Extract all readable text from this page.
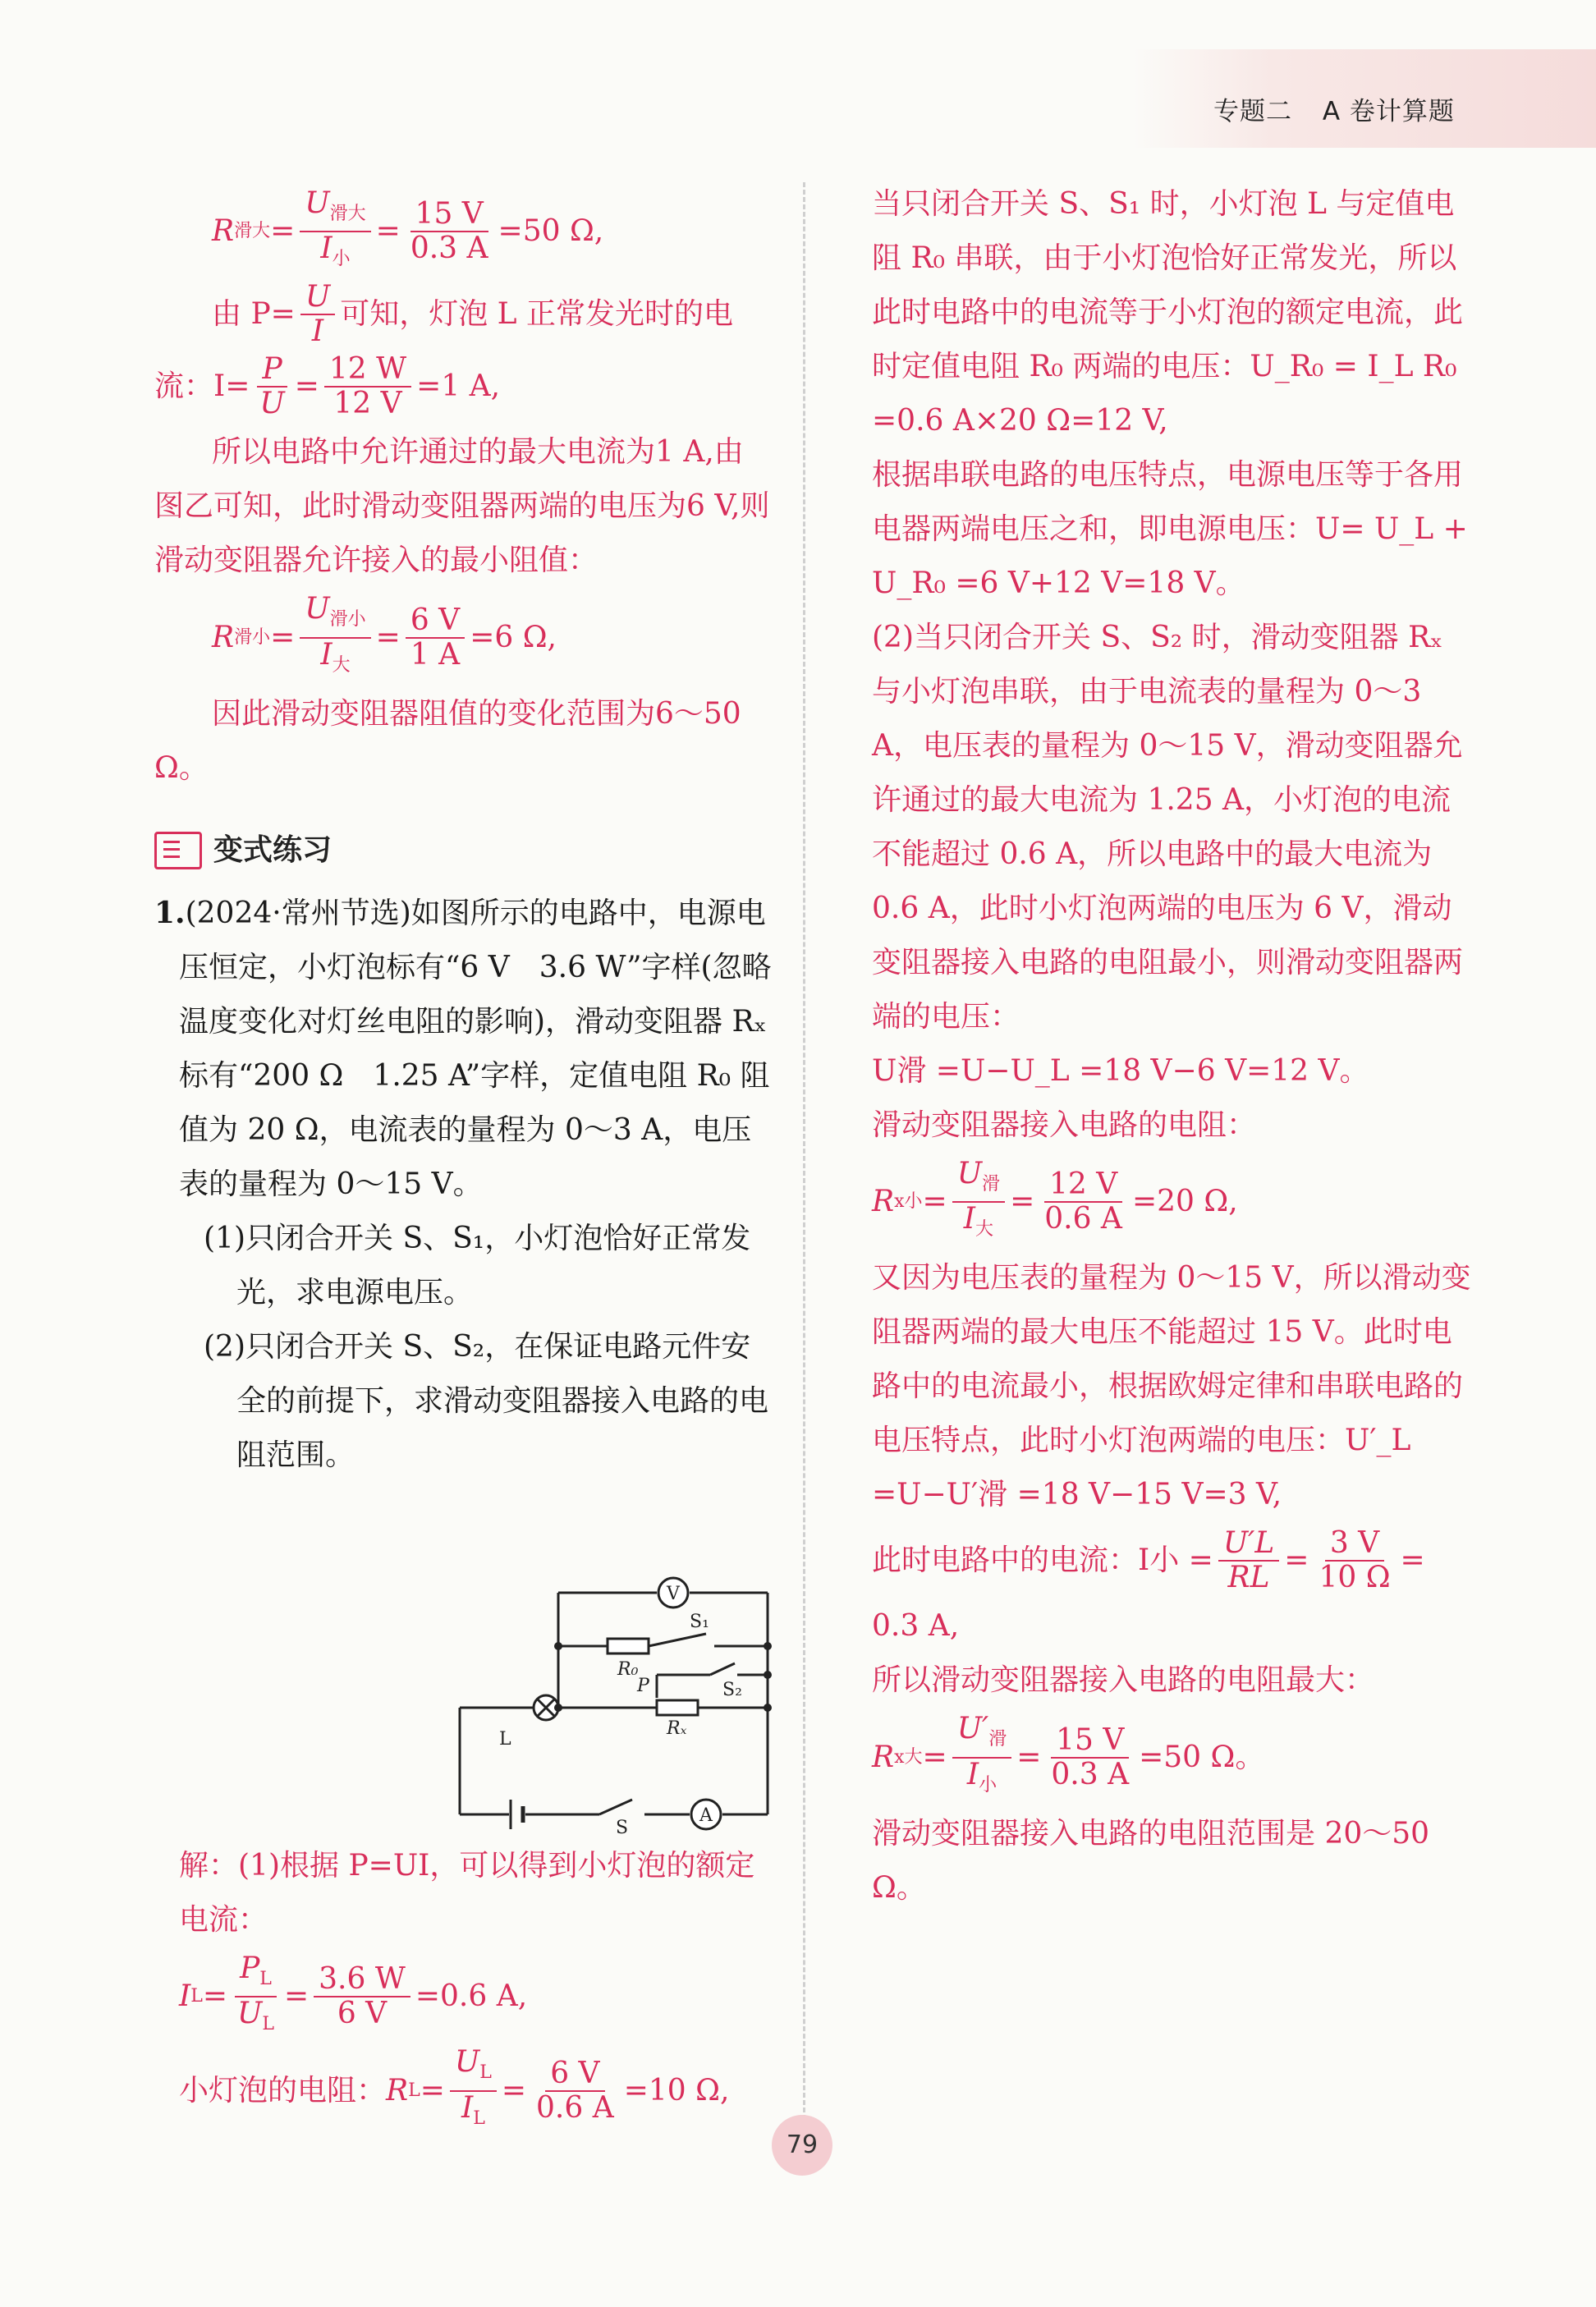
专题二 A 卷计算题
R 滑大 = $\frac{U_{滑大}}{I_小} = \frac{15 V}{0.3 A} =50$ Ω,
由 $P= \frac{U}{I}$ 可知，灯泡 L 正常发光时的电
流：$I= \frac{P}{U} = \frac{12 W}{12 V} =1$ A,

所以电路中允许通过的最大电流为1 A,由图乙可知，此时滑动变阻器两端的电压为6 V,则滑动变阻器允许接入的最小阻值：

R 滑小 = $\frac{U_{滑小}}{I_大} = \frac{6 V}{1 A} =6$ Ω,

因此滑动变阻器阻值的变化范围为6～50 Ω。

变式练习

1.(2024·常州节选)如图所示的电路中，电源电压恒定，小灯泡标有“6 V　3.6 W”字样(忽略温度变化对灯丝电阻的影响)，滑动变阻器 Rₓ 标有“200 Ω　1.25 A”字样，定值电阻 R₀ 阻值为 20 Ω，电流表的量程为 0～3 A，电压表的量程为 0～15 V。

(1)只闭合开关 S、S₁，小灯泡恰好正常发光，求电源电压。

(2)只闭合开关 S、S₂，在保证电路元件安全的前提下，求滑动变阻器接入电路的电阻范围。

V
A
S₁
S₂
R₀
Rₓ
P
L
S

解：(1)根据 P=UI，可以得到小灯泡的额定电流：

I $L = \frac{P_L}{U_L} = \frac{3.6 W}{6 V} =0.6$ A,
小灯泡的电阻： R $L = \frac{U_L}{I_L} = \frac{6 V}{0.6 A} =10$ Ω,

当只闭合开关 S、S₁ 时，小灯泡 L 与定值电阻 R₀ 串联，由于小灯泡恰好正常发光，所以此时电路中的电流等于小灯泡的额定电流，此时定值电阻 R₀ 两端的电压：U_R₀ = I_L R₀ =0.6 A×20 Ω=12 V,

根据串联电路的电压特点，电源电压等于各用电器两端电压之和，即电源电压：U= U_L + U_R₀ =6 V+12 V=18 V。

(2)当只闭合开关 S、S₂ 时，滑动变阻器 Rₓ 与小灯泡串联，由于电流表的量程为 0～3 A，电压表的量程为 0～15 V，滑动变阻器允许通过的最大电流为 1.25 A，小灯泡的电流不能超过 0.6 A，所以电路中的最大电流为 0.6 A，此时小灯泡两端的电压为 6 V，滑动变阻器接入电路的电阻最小，则滑动变阻器两端的电压：

U滑 =U−U_L =18 V−6 V=12 V。

滑动变阻器接入电路的电阻：

R x小 = $\frac{U_滑}{I_大} = \frac{12 V}{0.6 A} =20$ Ω,

又因为电压表的量程为 0～15 V，所以滑动变阻器两端的最大电压不能超过 15 V。此时电路中的电流最小，根据欧姆定律和串联电路的电压特点，此时小灯泡两端的电压：U′_L =U−U′滑 =18 V−15 V=3 V,

此时电路中的电流：I小 = $\frac{U'L}{RL} = \frac{3 V}{10 \Omega}$ =

0.3 A,

所以滑动变阻器接入电路的电阻最大：

R x大 = $\frac{U'_滑}{I_小} = \frac{15 V}{0.3 A} =50$ Ω。

滑动变阻器接入电路的电阻范围是 20～50 Ω。

79
